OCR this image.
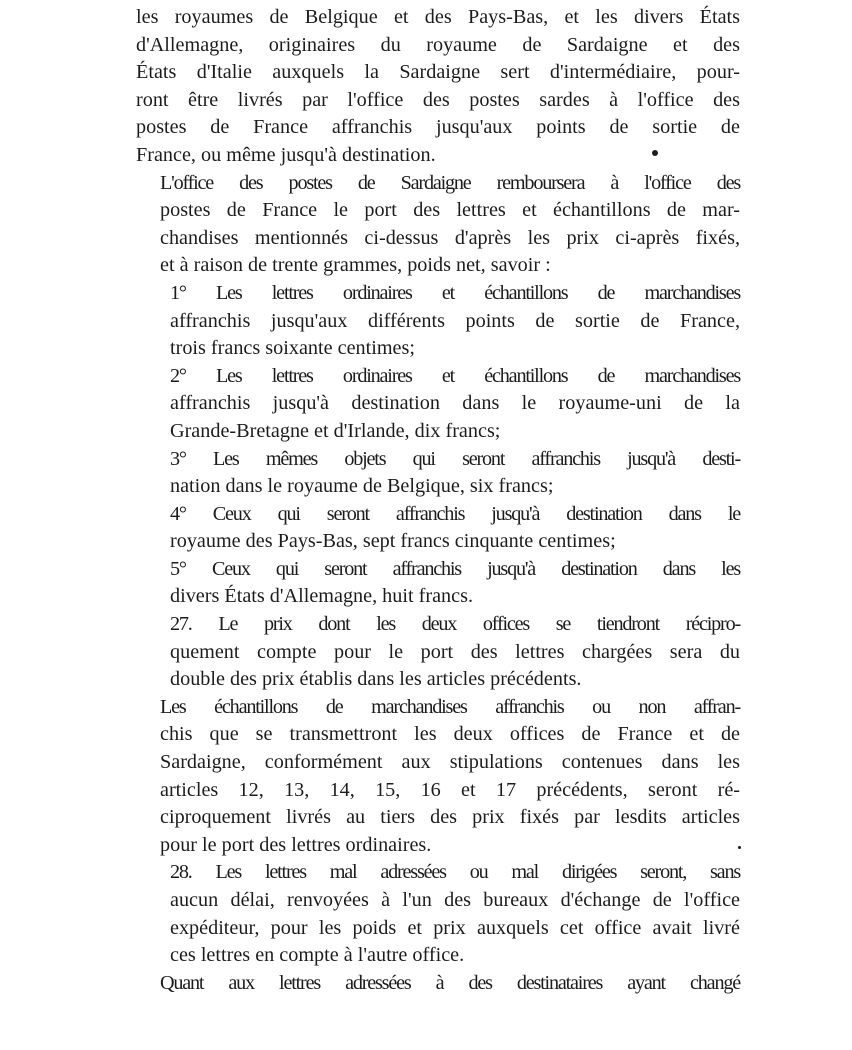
les royaumes de Belgique et des Pays-Bas, et les divers États
d'Allemagne, originaires du royaume de Sardaigne et des
États d'Italie auxquels la Sardaigne sert d'intermédiaire, pour-
ront être livrés par l'office des postes sardes à l'office des
postes de France affranchis jusqu'aux points de sortie de
France, ou même jusqu'à destination.

L'office des postes de Sardaigne remboursera à l'office des
postes de France le port des lettres et échantillons de mar-
chandises mentionnés ci-dessus d'après les prix ci-après fixés,
et à raison de trente grammes, poids net, savoir :

1° Les lettres ordinaires et échantillons de marchandises
affranchis jusqu'aux différents points de sortie de France,
trois francs soixante centimes;

2° Les lettres ordinaires et échantillons de marchandises
affranchis jusqu'à destination dans le royaume-uni de la
Grande-Bretagne et d'Irlande, dix francs;

3° Les mêmes objets qui seront affranchis jusqu'à desti-
nation dans le royaume de Belgique, six francs;

4° Ceux qui seront affranchis jusqu'à destination dans le
royaume des Pays-Bas, sept francs cinquante centimes;

5° Ceux qui seront affranchis jusqu'à destination dans les
divers États d'Allemagne, huit francs.

27. Le prix dont les deux offices se tiendront récipro-
quement compte pour le port des lettres chargées sera du
double des prix établis dans les articles précédents.

Les échantillons de marchandises affranchis ou non affran-
chis que se transmettront les deux offices de France et de
Sardaigne, conformément aux stipulations contenues dans les
articles 12, 13, 14, 15, 16 et 17 précédents, seront ré-
ciproquement livrés au tiers des prix fixés par lesdits articles
pour le port des lettres ordinaires.

28. Les lettres mal adressées ou mal dirigées seront, sans
aucun délai, renvoyées à l'un des bureaux d'échange de l'office
expéditeur, pour les poids et prix auxquels cet office avait livré
ces lettres en compte à l'autre office.

Quant aux lettres adressées à des destinataires ayant changé
